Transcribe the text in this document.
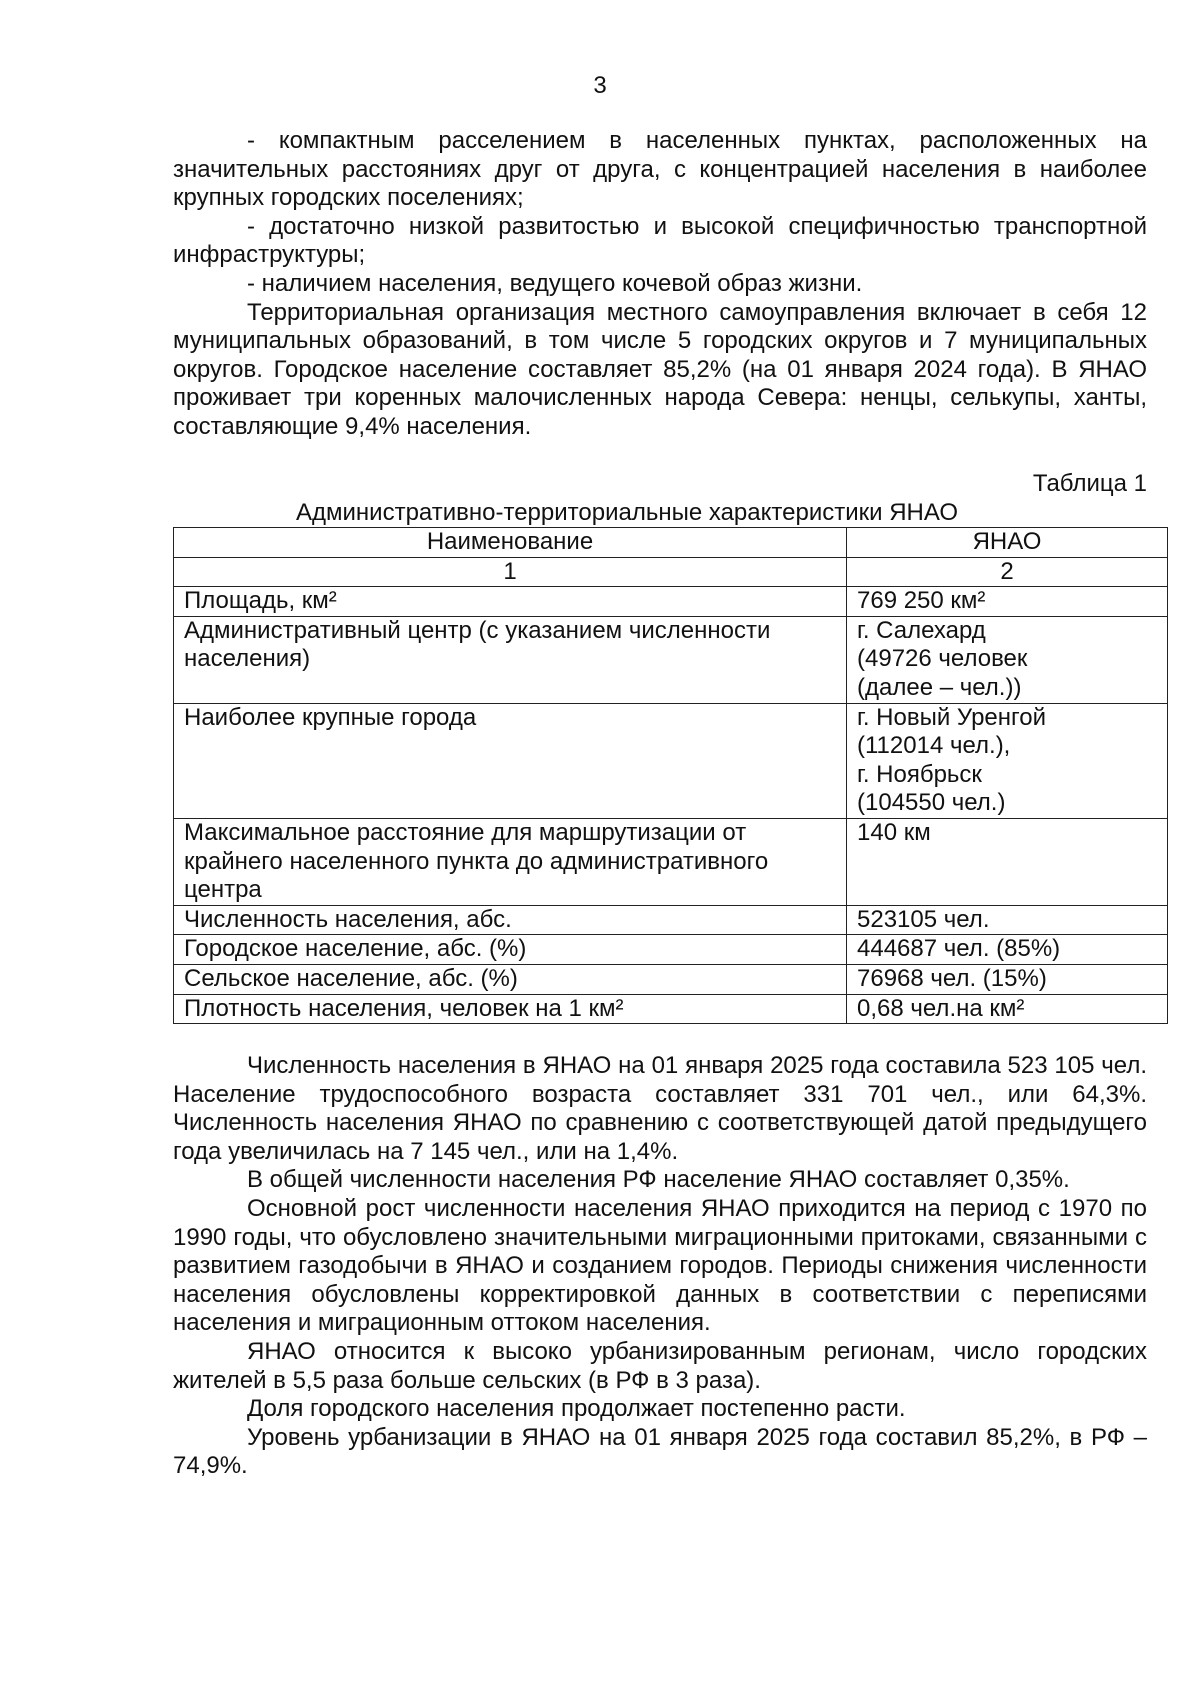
3

- компактным расселением в населенных пунктах, расположенных на значительных расстояниях друг от друга, с концентрацией населения в наиболее крупных городских поселениях;

- достаточно низкой развитостью и высокой специфичностью транспортной инфраструктуры;

- наличием населения, ведущего кочевой образ жизни.

Территориальная организация местного самоуправления включает в себя 12 муниципальных образований, в том числе 5 городских округов и 7 муниципальных округов. Городское население составляет 85,2% (на 01 января 2024 года). В ЯНАО проживает три коренных малочисленных народа Севера: ненцы, селькупы, ханты, составляющие 9,4% населения.

Таблица 1
Административно-территориальные характеристики ЯНАО
Наименование	ЯНАО
1	2
Площадь, км²	769 250 км²
Административный центр (с указанием численности населения)	г. Салехард
(49726 человек
(далее – чел.))
Наиболее крупные города	г. Новый Уренгой
(112014 чел.),
г. Ноябрьск
(104550 чел.)
Максимальное расстояние для маршрутизации от крайнего населенного пункта до административного центра	140 км
Численность населения, абс.	523105 чел.
Городское население, абс. (%)	444687 чел. (85%)
Сельское население, абс. (%)	76968 чел. (15%)
Плотность населения, человек на 1 км²	0,68 чел.на км²

Численность населения в ЯНАО на 01 января 2025 года составила 523 105 чел. Население трудоспособного возраста составляет 331 701 чел., или 64,3%. Численность населения ЯНАО по сравнению с соответствующей датой предыдущего года увеличилась на 7 145 чел., или на 1,4%.

В общей численности населения РФ население ЯНАО составляет 0,35%.

Основной рост численности населения ЯНАО приходится на период с 1970 по 1990 годы, что обусловлено значительными миграционными притоками, связанными с развитием газодобычи в ЯНАО и созданием городов. Периоды снижения численности населения обусловлены корректировкой данных в соответствии с переписями населения и миграционным оттоком населения.

ЯНАО относится к высоко урбанизированным регионам, число городских жителей в 5,5 раза больше сельских (в РФ в 3 раза).

Доля городского населения продолжает постепенно расти.

Уровень урбанизации в ЯНАО на 01 января 2025 года составил 85,2%, в РФ – 74,9%.
